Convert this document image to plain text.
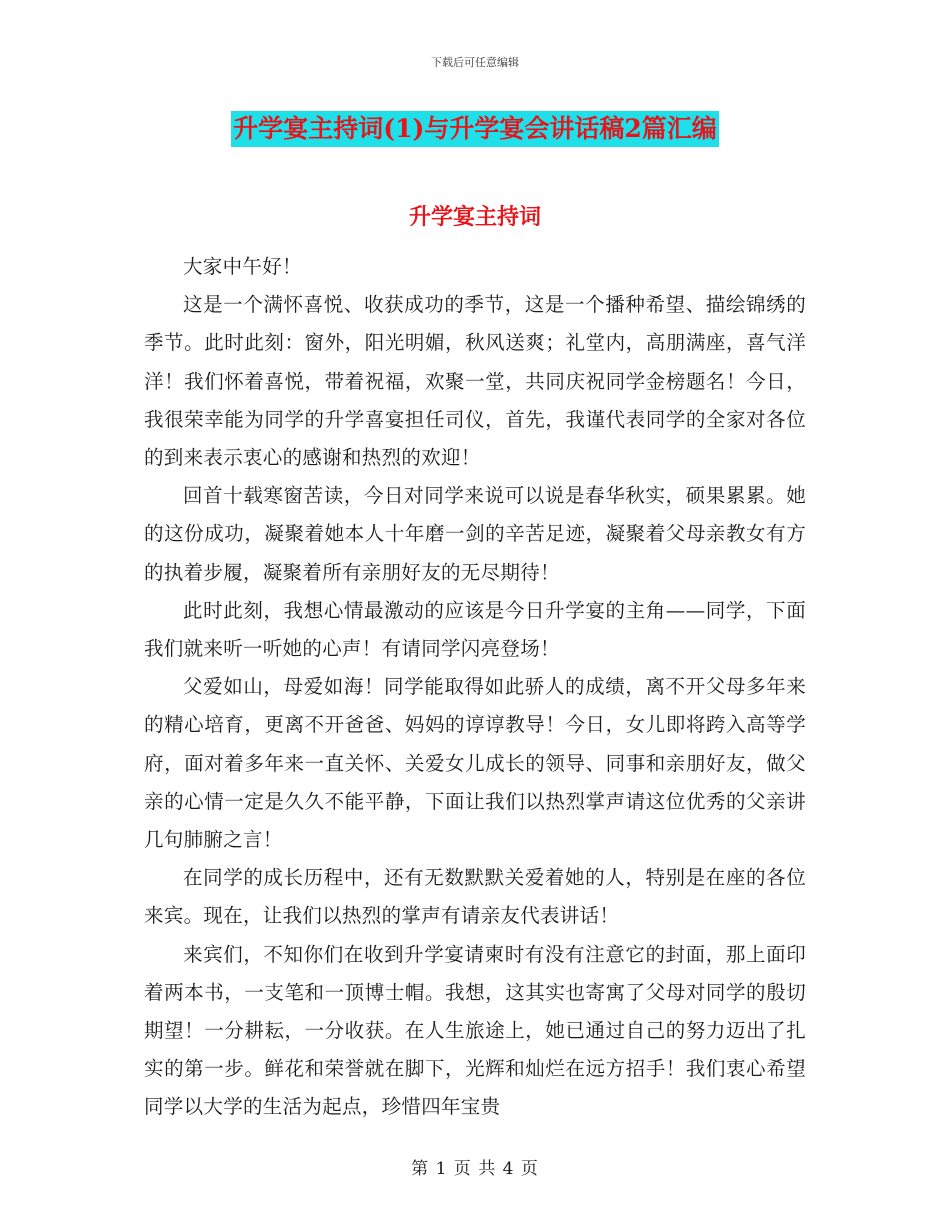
下载后可任意编辑
升学宴主持词(1)与升学宴会讲话稿2篇汇编
升学宴主持词

大家中午好！

这是一个满怀喜悦、收获成功的季节，这是一个播种希望、描绘锦绣的季节。此时此刻：窗外，阳光明媚，秋风送爽；礼堂内，高朋满座，喜气洋洋！我们怀着喜悦，带着祝福，欢聚一堂，共同庆祝同学金榜题名！今日，我很荣幸能为同学的升学喜宴担任司仪，首先，我谨代表同学的全家对各位的到来表示衷心的感谢和热烈的欢迎！

回首十载寒窗苦读，今日对同学来说可以说是春华秋实，硕果累累。她的这份成功，凝聚着她本人十年磨一剑的辛苦足迹，凝聚着父母亲教女有方的执着步履，凝聚着所有亲朋好友的无尽期待！

此时此刻，我想心情最激动的应该是今日升学宴的主角——同学，下面我们就来听一听她的心声！有请同学闪亮登场！

父爱如山，母爱如海！同学能取得如此骄人的成绩，离不开父母多年来的精心培育，更离不开爸爸、妈妈的谆谆教导！今日，女儿即将跨入高等学府，面对着多年来一直关怀、关爱女儿成长的领导、同事和亲朋好友，做父亲的心情一定是久久不能平静，下面让我们以热烈掌声请这位优秀的父亲讲几句肺腑之言！

在同学的成长历程中，还有无数默默关爱着她的人，特别是在座的各位来宾。现在，让我们以热烈的掌声有请亲友代表讲话！

来宾们，不知你们在收到升学宴请柬时有没有注意它的封面，那上面印着两本书，一支笔和一顶博士帽。我想，这其实也寄寓了父母对同学的殷切期望！一分耕耘，一分收获。在人生旅途上，她已通过自己的努力迈出了扎实的第一步。鲜花和荣誉就在脚下，光辉和灿烂在远方招手！我们衷心希望同学以大学的生活为起点，珍惜四年宝贵

第 1 页 共 4 页
